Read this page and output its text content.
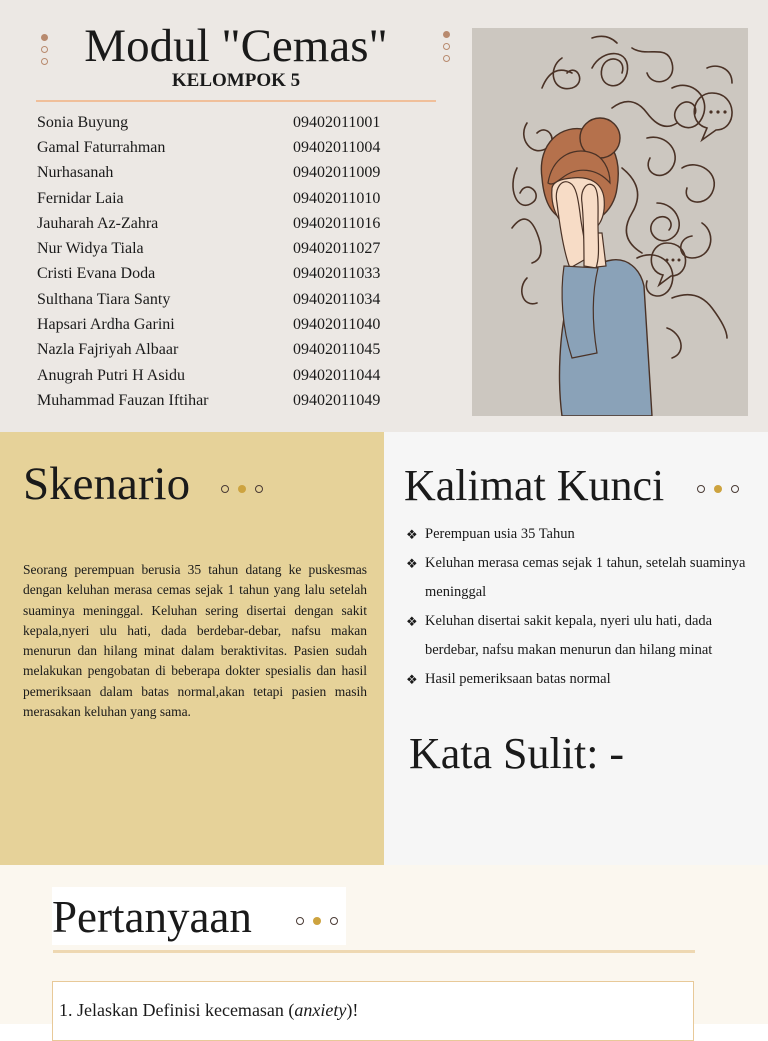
Modul "Cemas"
KELOMPOK 5
Sonia Buyung	09402011001
Gamal Faturrahman	09402011004
Nurhasanah	09402011009
Fernidar Laia	09402011010
Jauharah Az-Zahra	09402011016
Nur Widya Tiala	09402011027
Cristi Evana Doda	09402011033
Sulthana Tiara Santy	09402011034
Hapsari Ardha Garini	09402011040
Nazla Fajriyah Albaar	09402011045
Anugrah Putri H Asidu	09402011044
Muhammad Fauzan Iftihar	09402011049
Skenario
Seorang perempuan berusia 35 tahun datang ke puskesmas dengan keluhan merasa cemas sejak 1 tahun yang lalu setelah suaminya meninggal. Keluhan sering disertai dengan sakit kepala,nyeri ulu hati, dada berdebar-debar, nafsu makan menurun dan hilang minat dalam beraktivitas. Pasien sudah melakukan pengobatan di beberapa dokter spesialis dan hasil pemeriksaan dalam batas normal,akan tetapi pasien masih merasakan keluhan yang sama.
Kalimat Kunci
❖ Perempuan usia 35 Tahun
❖ Keluhan merasa cemas sejak 1 tahun, setelah suaminya meninggal
❖ Keluhan disertai sakit kepala, nyeri ulu hati, dada berdebar, nafsu makan menurun dan hilang minat
❖ Hasil pemeriksaan batas normal
Kata Sulit: -
Pertanyaan
1. Jelaskan Definisi kecemasan (anxiety)!
